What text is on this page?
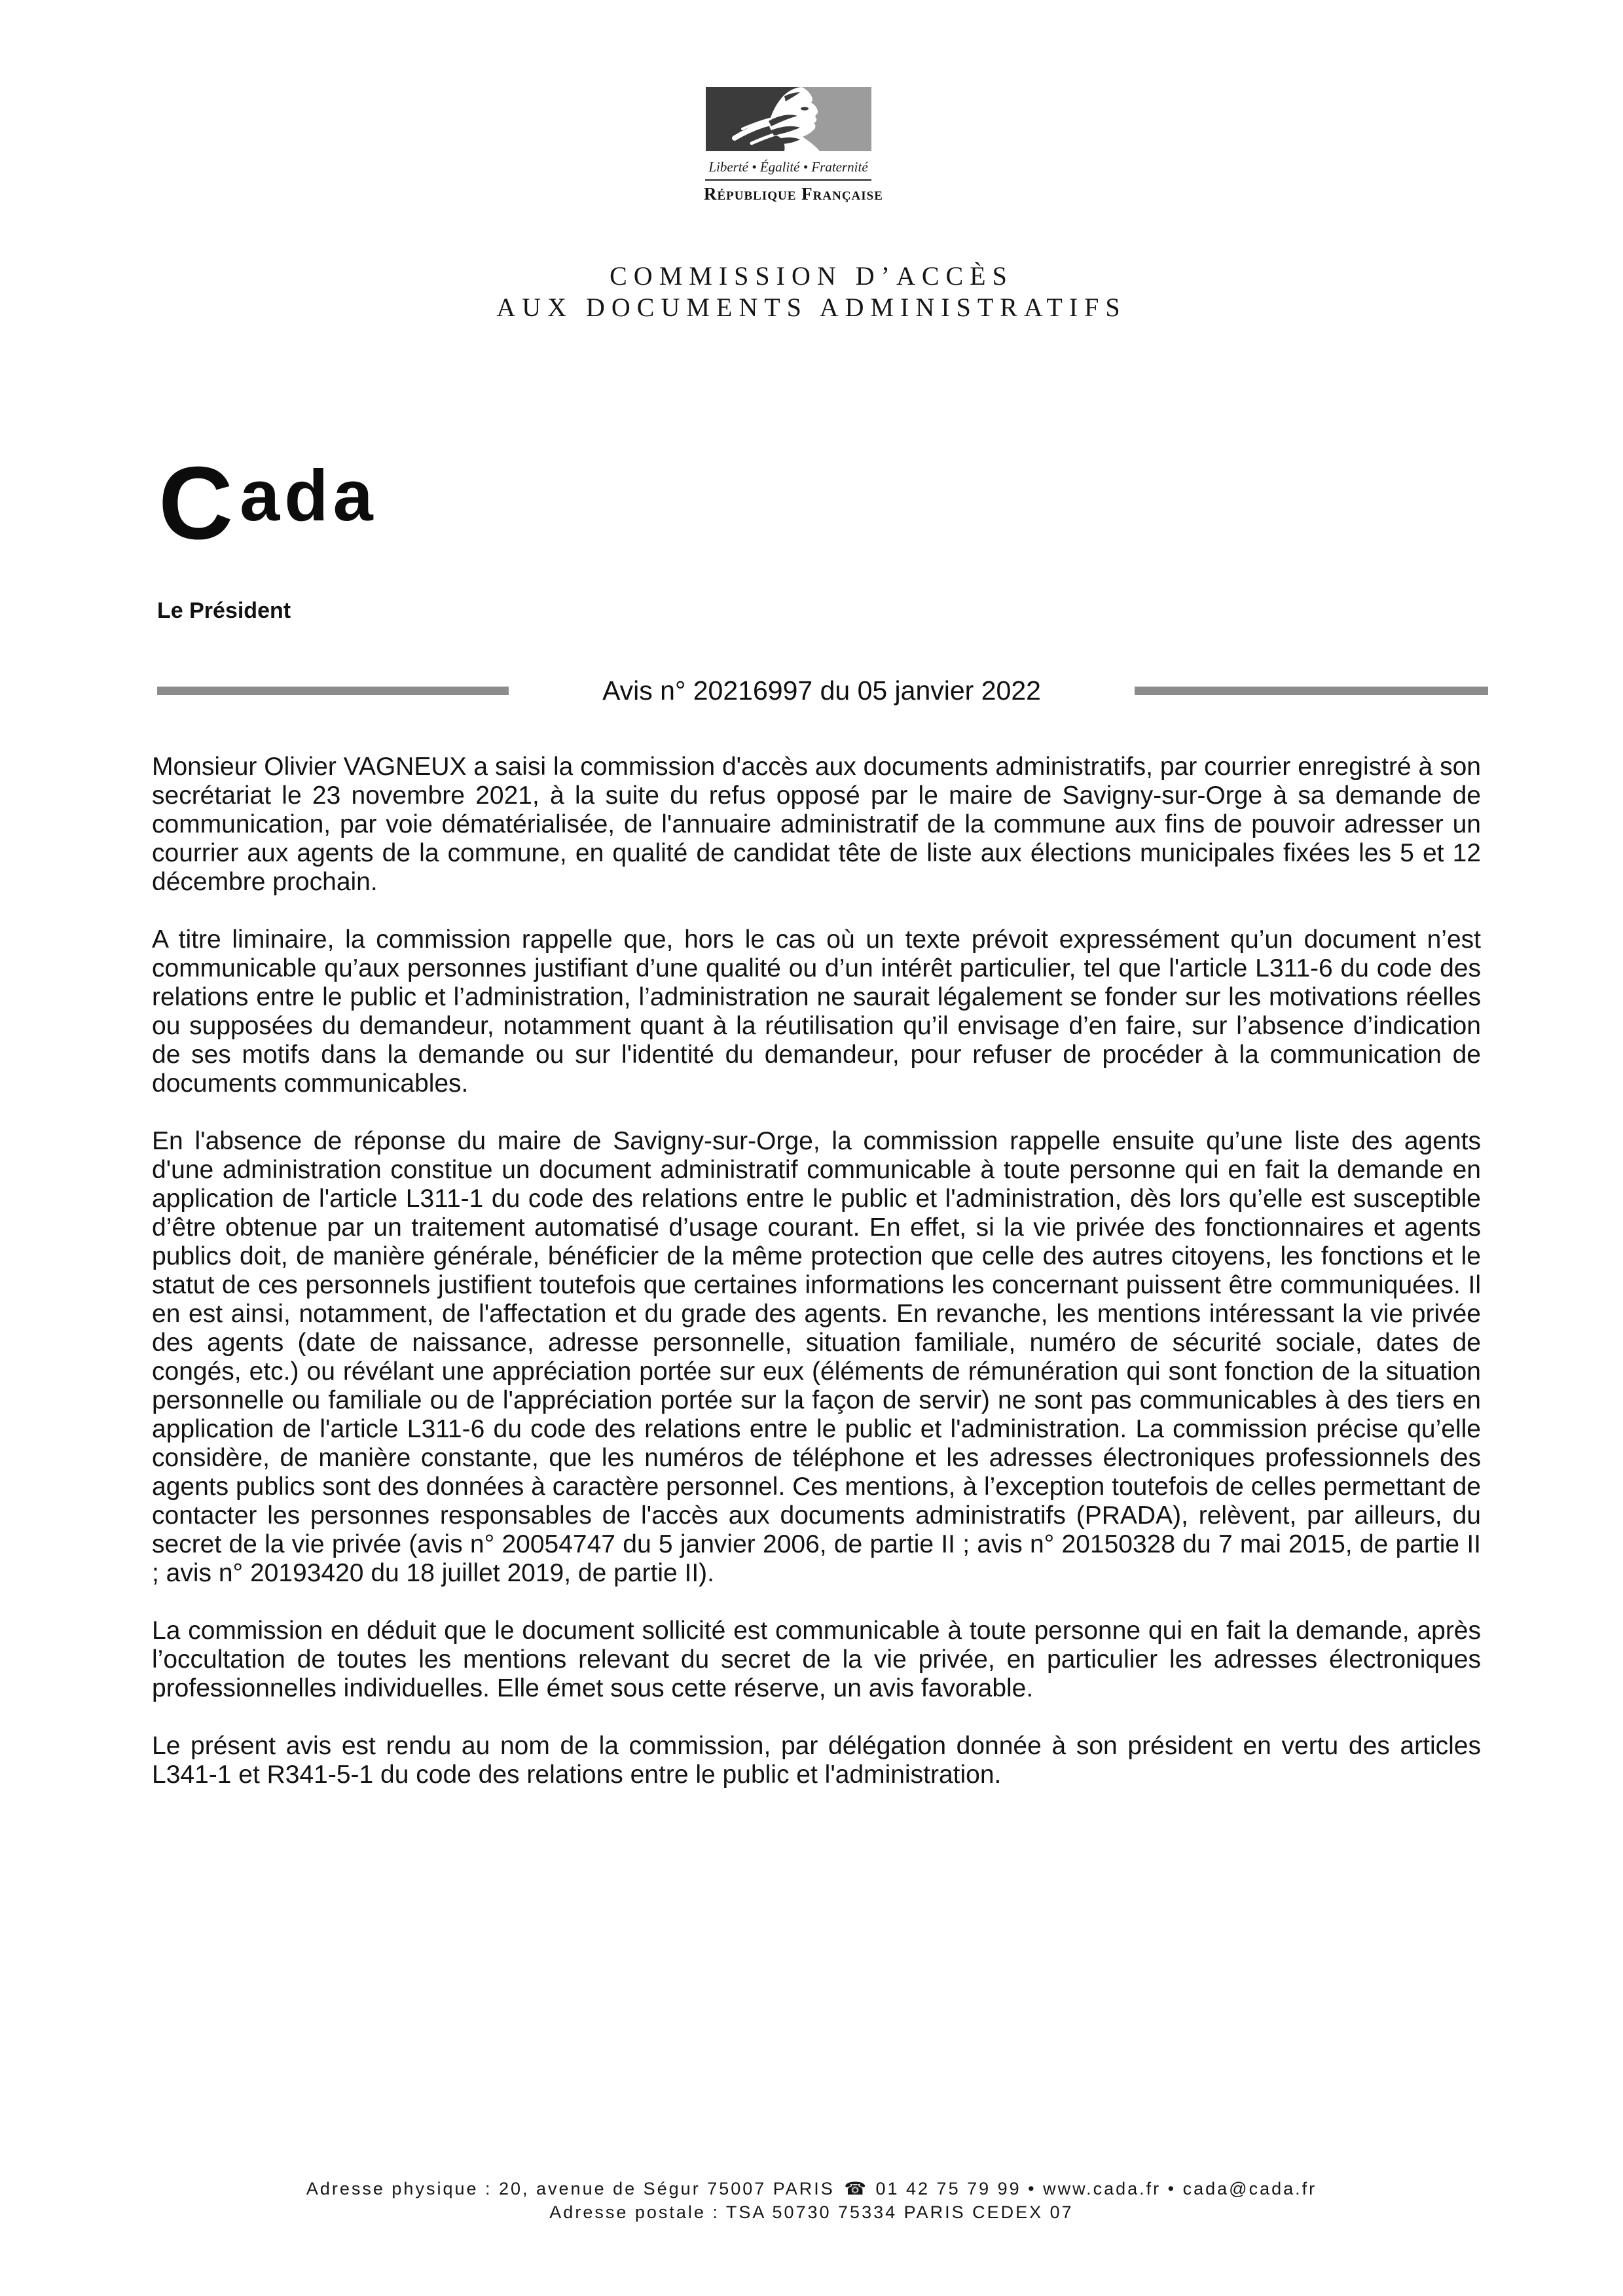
Liberté • Égalité • Fraternité
République Française
COMMISSION D’ACCÈS
AUX DOCUMENTS ADMINISTRATIFS
C ada
Le Président
Avis n° 20216997 du 05 janvier 2022

Monsieur Olivier VAGNEUX a saisi la commission d'accès aux documents administratifs, par courrier enregistré à son secrétariat le 23 novembre 2021, à la suite du refus opposé par le maire de Savigny-sur-Orge à sa demande de communication, par voie dématérialisée, de l'annuaire administratif de la commune aux fins de pouvoir adresser un courrier aux agents de la commune, en qualité de candidat tête de liste aux élections municipales fixées les 5 et 12 décembre prochain.

A titre liminaire, la commission rappelle que, hors le cas où un texte prévoit expressément qu’un document n’est communicable qu’aux personnes justifiant d’une qualité ou d’un intérêt particulier, tel que l'article L311-6 du code des relations entre le public et l’administration, l’administration ne saurait légalement se fonder sur les motivations réelles ou supposées du demandeur, notamment quant à la réutilisation qu’il envisage d’en faire, sur l’absence d’indication de ses motifs dans la demande ou sur l'identité du demandeur, pour refuser de procéder à la communication de documents communicables.

En l'absence de réponse du maire de Savigny-sur-Orge, la commission rappelle ensuite qu’une liste des agents d'une administration constitue un document administratif communicable à toute personne qui en fait la demande en application de l'article L311-1 du code des relations entre le public et l'administration, dès lors qu’elle est susceptible d’être obtenue par un traitement automatisé d’usage courant. En effet, si la vie privée des fonctionnaires et agents publics doit, de manière générale, bénéficier de la même protection que celle des autres citoyens, les fonctions et le statut de ces personnels justifient toutefois que certaines informations les concernant puissent être communiquées. Il en est ainsi, notamment, de l'affectation et du grade des agents. En revanche, les mentions intéressant la vie privée des agents (date de naissance, adresse personnelle, situation familiale, numéro de sécurité sociale, dates de congés, etc.) ou révélant une appréciation portée sur eux (éléments de rémunération qui sont fonction de la situation personnelle ou familiale ou de l'appréciation portée sur la façon de servir) ne sont pas communicables à des tiers en application de l'article L311-6 du code des relations entre le public et l'administration. La commission précise qu’elle considère, de manière constante, que les numéros de téléphone et les adresses électroniques professionnels des agents publics sont des données à caractère personnel. Ces mentions, à l’exception toutefois de celles permettant de contacter les personnes responsables de l'accès aux documents administratifs (PRADA), relèvent, par ailleurs, du secret de la vie privée (avis n° 20054747 du 5 janvier 2006, de partie II ; avis n° 20150328 du 7 mai 2015, de partie II ; avis n° 20193420 du 18 juillet 2019, de partie II).

La commission en déduit que le document sollicité est communicable à toute personne qui en fait la demande, après l’occultation de toutes les mentions relevant du secret de la vie privée, en particulier les adresses électroniques professionnelles individuelles. Elle émet sous cette réserve, un avis favorable.

Le présent avis est rendu au nom de la commission, par délégation donnée à son président en vertu des articles L341-1 et R341-5-1 du code des relations entre le public et l'administration.

Adresse physique : 20, avenue de Ségur 75007 PARIS ☎ 01 42 75 79 99 • www.cada.fr • cada@cada.fr
Adresse postale : TSA 50730 75334 PARIS CEDEX 07
